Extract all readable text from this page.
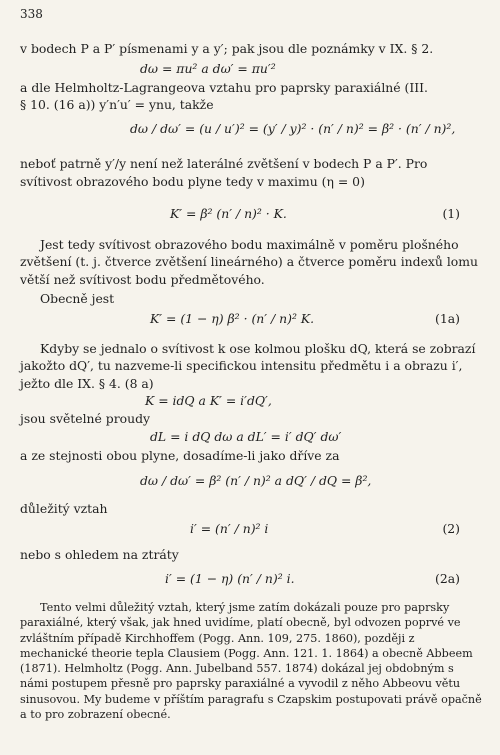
338
v bodech P a P′ písmenami y a y′; pak jsou dle poznámky v IX. § 2.
dω = πu² a dω′ = πu′²
a dle Helmholtz-Lagrangeova vztahu pro paprsky paraxiálné (III.
§ 10. (16 a)) y′n′u′ = ynu, takže
dω / dω′ = (u / u′)² = (y′ / y)² · (n′ / n)² = β² · (n′ / n)²,
neboť patrně y′/y není než laterálné zvětšení v bodech P a P′. Pro
svítivost obrazového bodu plyne tedy v maximu (η = 0)
K′ = β² (n′ / n)² · K.	(1)
Jest tedy svítivost obrazového bodu maximálně v poměru plošného zvětšení (t. j. čtverce zvětšení lineárného) a čtverce poměru indexů lomu větší než svítivost bodu předmětového.
Obecně jest
K′ = (1 − η) β² · (n′ / n)² K.	(1a)
Kdyby se jednalo o svítivost k ose kolmou plošku dQ, která se zobrazí jakožto dQ′, tu nazveme-li specifickou intensitu předmětu i a obrazu i′, ježto dle IX. § 4. (8 a)
K = idQ a K′ = i′dQ′,
jsou světelné proudy
dL = i dQ dω a dL′ = i′ dQ′ dω′
a ze stejnosti obou plyne, dosadíme-li jako dříve za
dω / dω′ = β² (n′ / n)² a dQ′ / dQ = β²,
důležitý vztah
i′ = (n′ / n)² i	(2)
nebo s ohledem na ztráty
i′ = (1 − η) (n′ / n)² i.	(2a)
Tento velmi důležitý vztah, který jsme zatím dokázali pouze pro paprsky paraxiálné, který však, jak hned uvidíme, platí obecně, byl odvozen poprvé ve zvláštním případě Kirchhoffem (Pogg. Ann. 109, 275. 1860), později z mechanické theorie tepla Clausiem (Pogg. Ann. 121. 1. 1864) a obecně Abbeem (1871). Helmholtz (Pogg. Ann. Jubelband 557. 1874) dokázal jej obdobným s námi postupem přesně pro paprsky paraxiálné a vyvodil z něho Abbeovu větu sinusovou. My budeme v příštím paragrafu s Czapskim postupovati právě opačně a to pro zobrazení obecné.
